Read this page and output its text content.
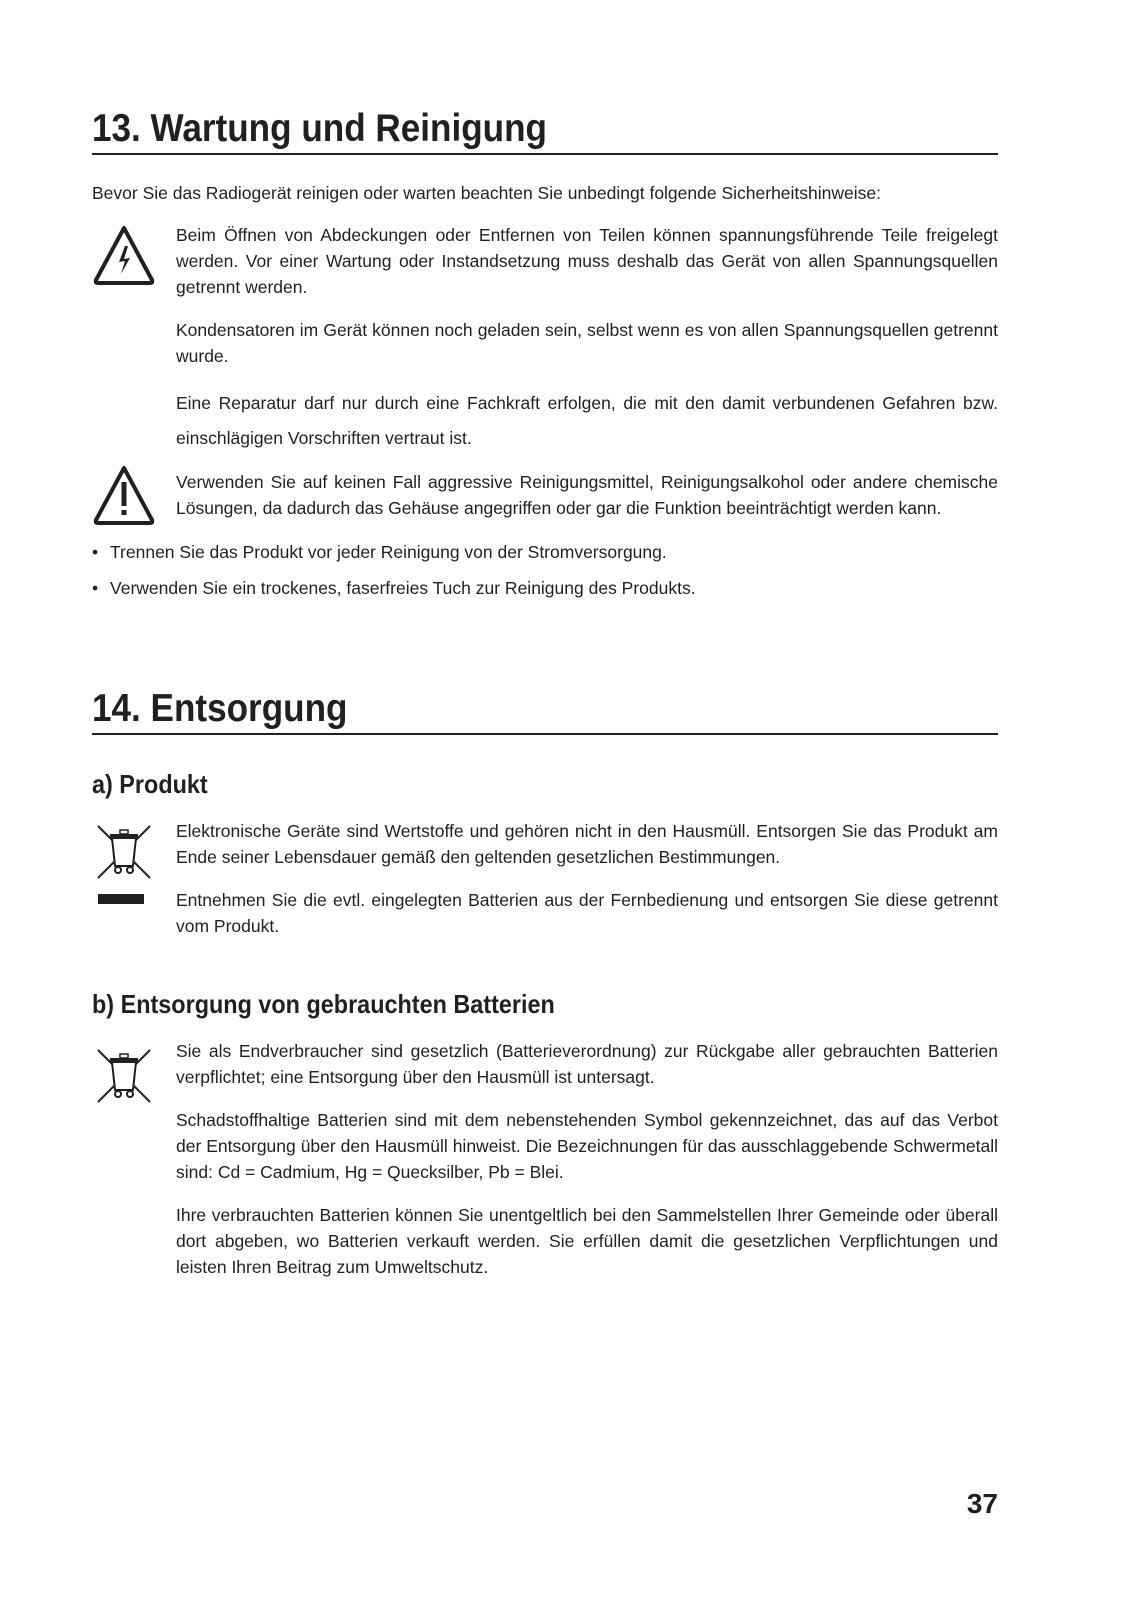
13. Wartung und Reinigung

Bevor Sie das Radiogerät reinigen oder warten beachten Sie unbedingt folgende Sicherheitshinweise:

Beim Öffnen von Abdeckungen oder Entfernen von Teilen können spannungsführende Teile freigelegt werden. Vor einer Wartung oder Instandsetzung muss deshalb das Gerät von allen Spannungsquellen getrennt werden.

Kondensatoren im Gerät können noch geladen sein, selbst wenn es von allen Spannungsquellen getrennt wurde.

Eine Reparatur darf nur durch eine Fachkraft erfolgen, die mit den damit verbundenen Gefahren bzw. einschlägigen Vorschriften vertraut ist.

Verwenden Sie auf keinen Fall aggressive Reinigungsmittel, Reinigungsalkohol oder andere chemische Lösungen, da dadurch das Gehäuse angegriffen oder gar die Funktion beeinträchtigt werden kann.

• Trennen Sie das Produkt vor jeder Reinigung von der Stromversorgung.
• Verwenden Sie ein trockenes, faserfreies Tuch zur Reinigung des Produkts.
14. Entsorgung
a) Produkt

Elektronische Geräte sind Wertstoffe und gehören nicht in den Hausmüll. Entsorgen Sie das Produkt am Ende seiner Lebensdauer gemäß den geltenden gesetzlichen Bestimmungen.

Entnehmen Sie die evtl. eingelegten Batterien aus der Fernbedienung und entsorgen Sie diese getrennt vom Produkt.

b) Entsorgung von gebrauchten Batterien

Sie als Endverbraucher sind gesetzlich (Batterieverordnung) zur Rückgabe aller gebrauchten Batterien verpflichtet; eine Entsorgung über den Hausmüll ist untersagt.

Schadstoffhaltige Batterien sind mit dem nebenstehenden Symbol gekennzeichnet, das auf das Verbot der Entsorgung über den Hausmüll hinweist. Die Bezeichnungen für das ausschlaggebende Schwermetall sind: Cd = Cadmium, Hg = Quecksilber, Pb = Blei.

Ihre verbrauchten Batterien können Sie unentgeltlich bei den Sammelstellen Ihrer Gemeinde oder überall dort abgeben, wo Batterien verkauft werden. Sie erfüllen damit die gesetzlichen Verpflichtungen und leisten Ihren Beitrag zum Umweltschutz.

37
